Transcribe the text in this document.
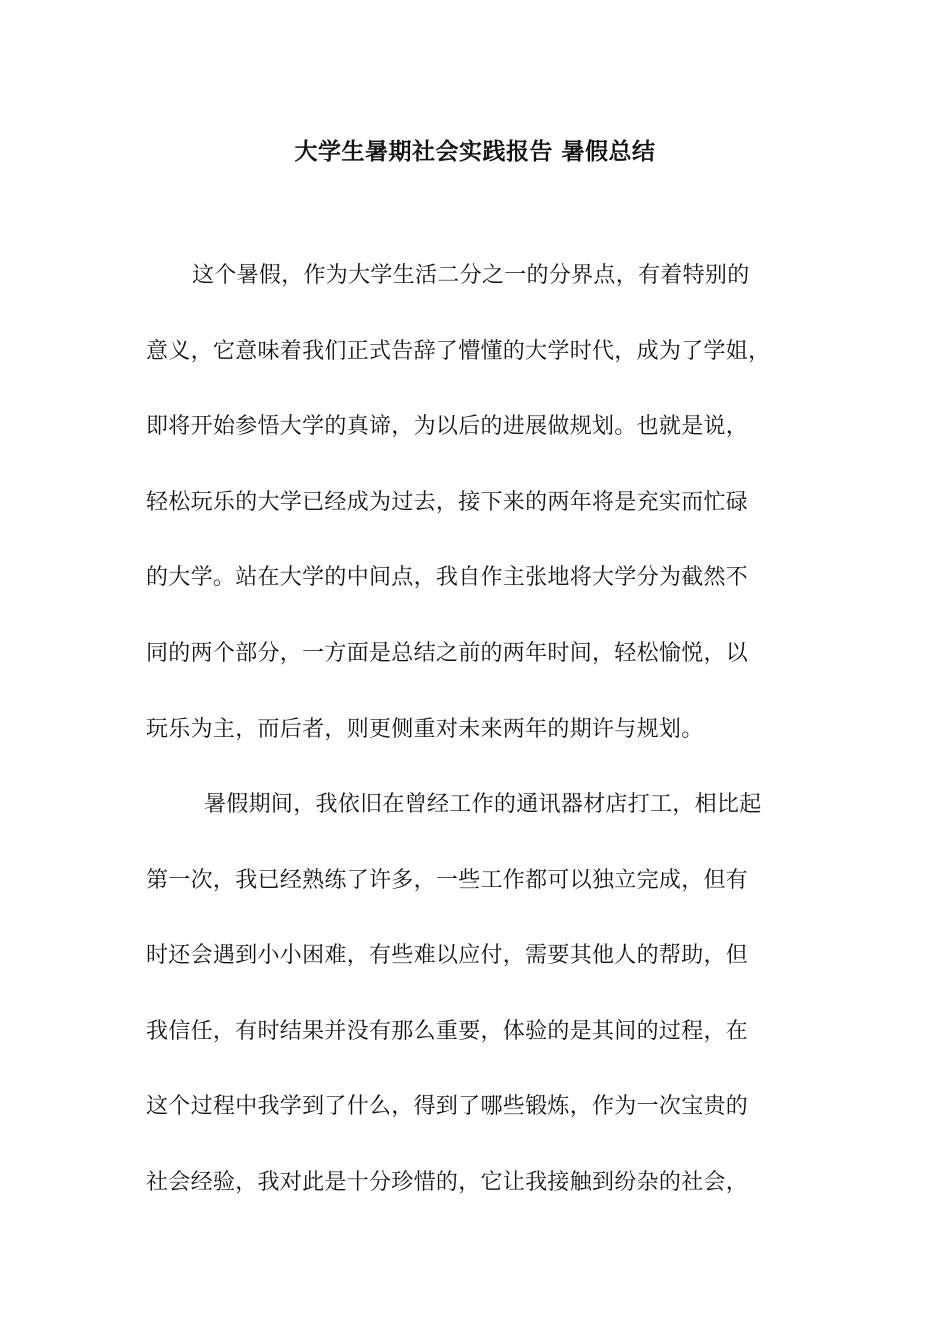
大学生暑期社会实践报告 暑假总结
这个暑假，作为大学生活二分之一的分界点，有着特别的
意义，它意味着我们正式告辞了懵懂的大学时代，成为了学姐，
即将开始参悟大学的真谛，为以后的进展做规划。也就是说，
轻松玩乐的大学已经成为过去，接下来的两年将是充实而忙碌
的大学。站在大学的中间点，我自作主张地将大学分为截然不
同的两个部分，一方面是总结之前的两年时间，轻松愉悦，以
玩乐为主，而后者，则更侧重对未来两年的期许与规划。
暑假期间，我依旧在曾经工作的通讯器材店打工，相比起
第一次，我已经熟练了许多，一些工作都可以独立完成，但有
时还会遇到小小困难，有些难以应付，需要其他人的帮助，但
我信任，有时结果并没有那么重要，体验的是其间的过程，在
这个过程中我学到了什么，得到了哪些锻炼，作为一次宝贵的
社会经验，我对此是十分珍惜的，它让我接触到纷杂的社会，
